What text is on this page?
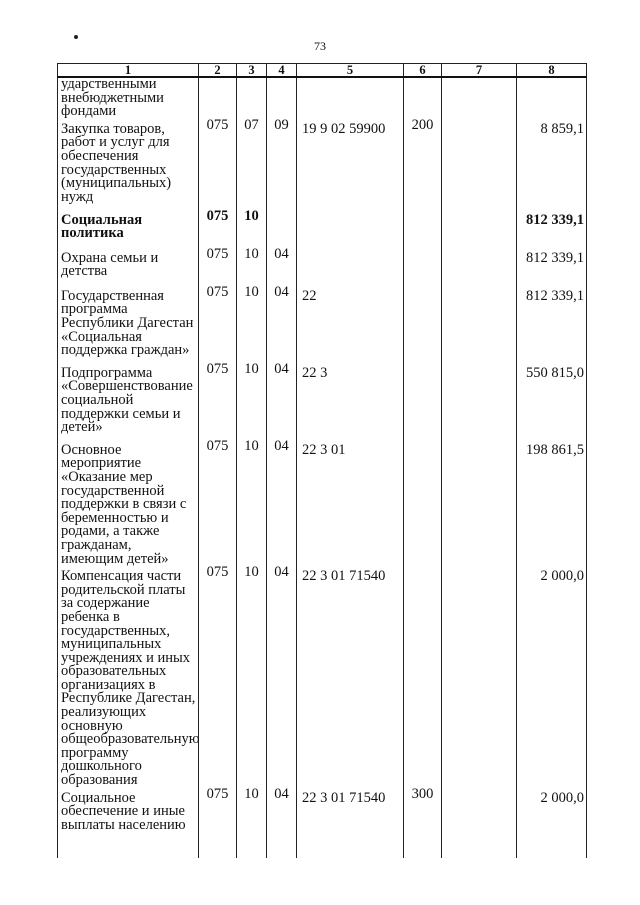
73
1	2	3	4	5	6	7	8
ударственными внебюджетными фондами							
Закупка товаров, работ и услуг для обеспечения государственных (муниципальных) нужд	075	07	09	19 9 02 59900	200		8 859,1
Социальная политика	075	10					812 339,1
Охрана семьи и детства	075	10	04				812 339,1
Государственная программа Республики Дагестан «Социальная поддержка граждан»	075	10	04	22			812 339,1
Подпрограмма «Совершенствование социальной поддержки семьи и детей»	075	10	04	22 3			550 815,0
Основное мероприятие «Оказание мер государственной поддержки в связи с беременностью и родами, а также гражданам, имеющим детей»	075	10	04	22 3 01			198 861,5
Компенсация части родительской платы за содержание ребенка в государственных, муниципальных учреждениях и иных образовательных организациях в Республике Дагестан, реализующих основную общеобразовательную программу дошкольного образования	075	10	04	22 3 01 71540			2 000,0
Социальное обеспечение и иные выплаты населению	075	10	04	22 3 01 71540	300		2 000,0
